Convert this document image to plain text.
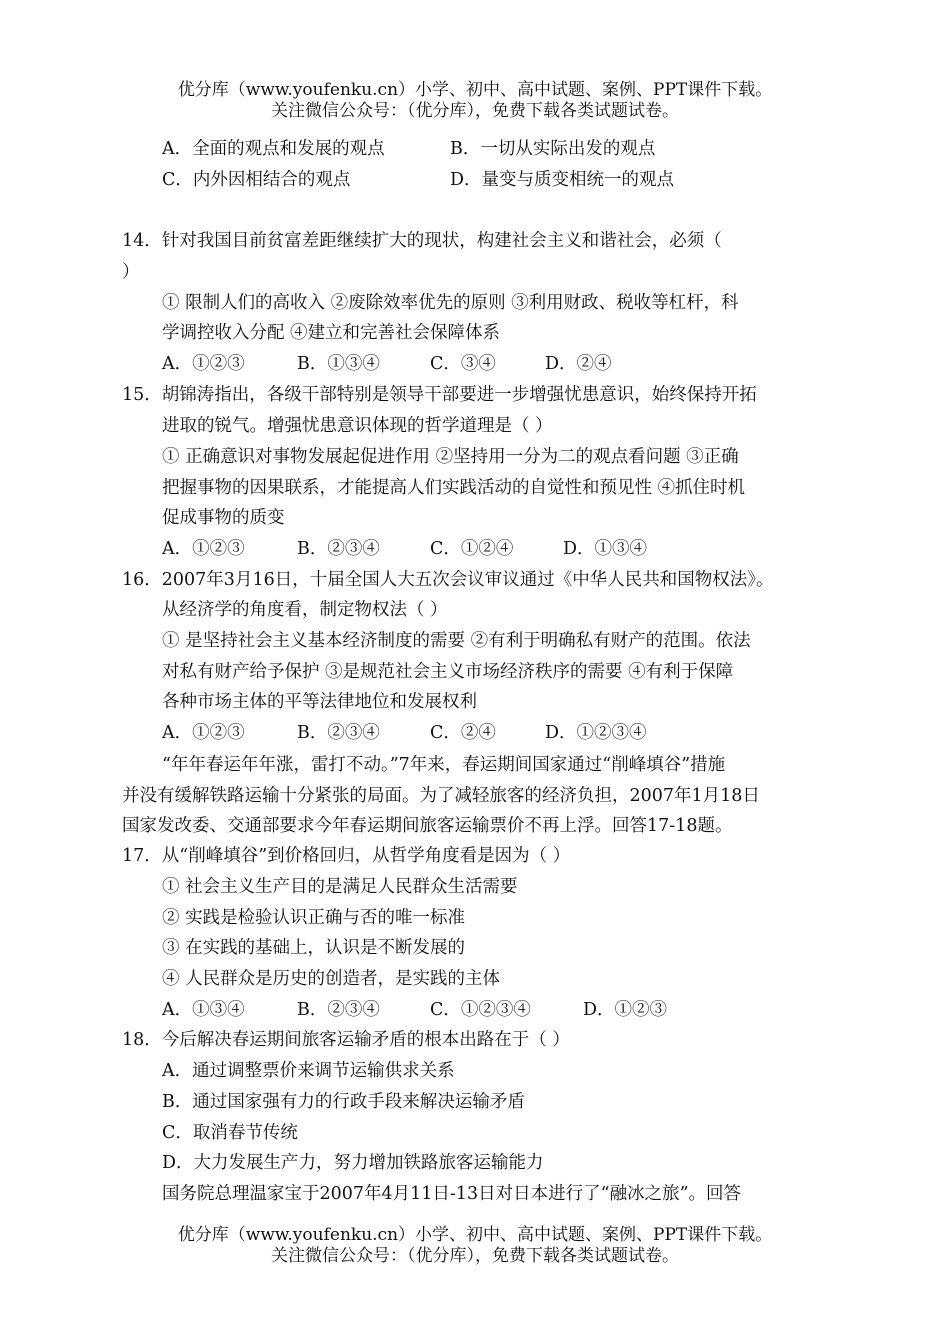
优分库（www.youfenku.cn）小学、初中、高中试题、案例、PPT课件下载。
关注微信公众号：（优分库），免费下载各类试题试卷。
A．全面的观点和发展的观点	B．一切从实际出发的观点
C．内外因相结合的观点	D．量变与质变相统一的观点
14．针对我国目前贫富差距继续扩大的现状，构建社会主义和谐社会，必须（
）
① 限制人们的高收入 ②废除效率优先的原则 ③利用财政、税收等杠杆，科
学调控收入分配 ④建立和完善社会保障体系
A．①②③	B．①③④	C．③④	D．②④
15．胡锦涛指出，各级干部特别是领导干部要进一步增强忧患意识，始终保持开拓
进取的锐气。增强忧患意识体现的哲学道理是（ ）
① 正确意识对事物发展起促进作用 ②坚持用一分为二的观点看问题 ③正确
把握事物的因果联系，才能提高人们实践活动的自觉性和预见性 ④抓住时机
促成事物的质变
A．①②③	B．②③④	C．①②④	D．①③④
16．2007年3月16日，十届全国人大五次会议审议通过《中华人民共和国物权法》。
从经济学的角度看，制定物权法（ ）
① 是坚持社会主义基本经济制度的需要 ②有利于明确私有财产的范围。依法
对私有财产给予保护 ③是规范社会主义市场经济秩序的需要 ④有利于保障
各种市场主体的平等法律地位和发展权利
A．①②③	B．②③④	C．②④	D．①②③④
“年年春运年年涨，雷打不动。”7年来，春运期间国家通过“削峰填谷”措施
并没有缓解铁路运输十分紧张的局面。为了减轻旅客的经济负担，2007年1月18日
国家发改委、交通部要求今年春运期间旅客运输票价不再上浮。回答17-18题。
17．从“削峰填谷”到价格回归，从哲学角度看是因为（ ）
① 社会主义生产目的是满足人民群众生活需要
② 实践是检验认识正确与否的唯一标准
③ 在实践的基础上，认识是不断发展的
④ 人民群众是历史的创造者，是实践的主体
A．①③④	B．②③④	C．①②③④	D．①②③
18．今后解决春运期间旅客运输矛盾的根本出路在于（ ）
A．通过调整票价来调节运输供求关系
B．通过国家强有力的行政手段来解决运输矛盾
C．取消春节传统
D．大力发展生产力，努力增加铁路旅客运输能力
国务院总理温家宝于2007年4月11日-13日对日本进行了“融冰之旅”。回答
优分库（www.youfenku.cn）小学、初中、高中试题、案例、PPT课件下载。
关注微信公众号：（优分库），免费下载各类试题试卷。
